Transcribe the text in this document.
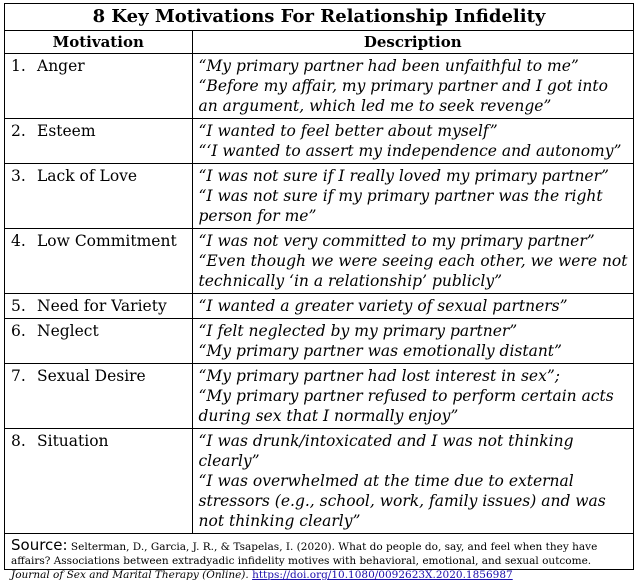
8 Key Motivations For Relationship Infidelity
Motivation	Description
1. Anger	“My primary partner had been unfaithful to me”
“Before my affair, my primary partner and I got into an argument, which led me to seek revenge”

2. Esteem	“I wanted to feel better about myself”
“‘I wanted to assert my independence and autonomy”

3. Lack of Love	“I was not sure if I really loved my primary partner”
“I was not sure if my primary partner was the right person for me”

4. Low Commitment	“I was not very committed to my primary partner”
“Even though we were seeing each other, we were not technically ‘in a relationship’ publicly”

5. Need for Variety	“I wanted a greater variety of sexual partners”

6. Neglect	“I felt neglected by my primary partner”
“My primary partner was emotionally distant”

7. Sexual Desire	“My primary partner had lost interest in sex”;
“My primary partner refused to perform certain acts during sex that I normally enjoy”

8. Situation	“I was drunk/intoxicated and I was not thinking clearly”
“I was overwhelmed at the time due to external stressors (e.g., school, work, family issues) and was not thinking clearly”
Source: Selterman, D., Garcia, J. R., & Tsapelas, I. (2020). What do people do, say, and feel when they have affairs? Associations between extradyadic infidelity motives with behavioral, emotional, and sexual outcome. Journal of Sex and Marital Therapy (Online). https://doi.org/10.1080/0092623X.2020.1856987
